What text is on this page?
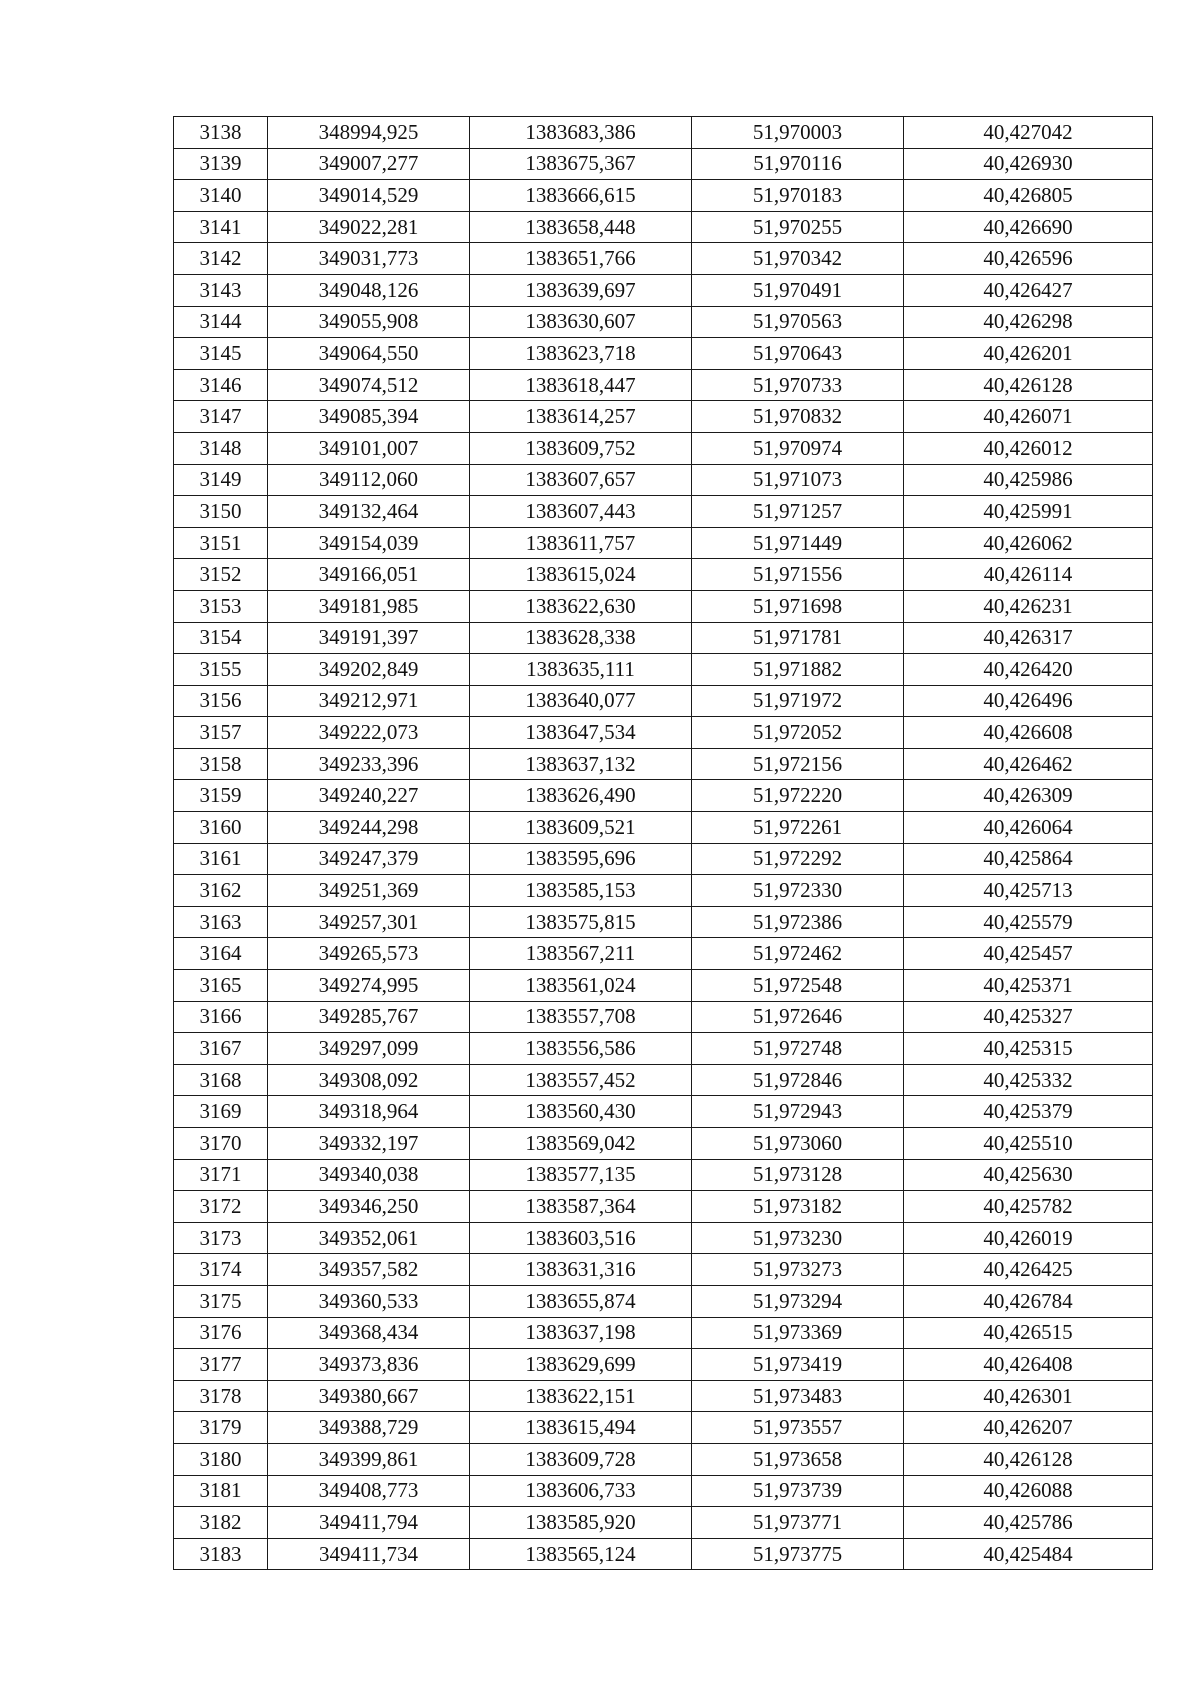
3138	348994,925	1383683,386	51,970003	40,427042
3139	349007,277	1383675,367	51,970116	40,426930
3140	349014,529	1383666,615	51,970183	40,426805
3141	349022,281	1383658,448	51,970255	40,426690
3142	349031,773	1383651,766	51,970342	40,426596
3143	349048,126	1383639,697	51,970491	40,426427
3144	349055,908	1383630,607	51,970563	40,426298
3145	349064,550	1383623,718	51,970643	40,426201
3146	349074,512	1383618,447	51,970733	40,426128
3147	349085,394	1383614,257	51,970832	40,426071
3148	349101,007	1383609,752	51,970974	40,426012
3149	349112,060	1383607,657	51,971073	40,425986
3150	349132,464	1383607,443	51,971257	40,425991
3151	349154,039	1383611,757	51,971449	40,426062
3152	349166,051	1383615,024	51,971556	40,426114
3153	349181,985	1383622,630	51,971698	40,426231
3154	349191,397	1383628,338	51,971781	40,426317
3155	349202,849	1383635,111	51,971882	40,426420
3156	349212,971	1383640,077	51,971972	40,426496
3157	349222,073	1383647,534	51,972052	40,426608
3158	349233,396	1383637,132	51,972156	40,426462
3159	349240,227	1383626,490	51,972220	40,426309
3160	349244,298	1383609,521	51,972261	40,426064
3161	349247,379	1383595,696	51,972292	40,425864
3162	349251,369	1383585,153	51,972330	40,425713
3163	349257,301	1383575,815	51,972386	40,425579
3164	349265,573	1383567,211	51,972462	40,425457
3165	349274,995	1383561,024	51,972548	40,425371
3166	349285,767	1383557,708	51,972646	40,425327
3167	349297,099	1383556,586	51,972748	40,425315
3168	349308,092	1383557,452	51,972846	40,425332
3169	349318,964	1383560,430	51,972943	40,425379
3170	349332,197	1383569,042	51,973060	40,425510
3171	349340,038	1383577,135	51,973128	40,425630
3172	349346,250	1383587,364	51,973182	40,425782
3173	349352,061	1383603,516	51,973230	40,426019
3174	349357,582	1383631,316	51,973273	40,426425
3175	349360,533	1383655,874	51,973294	40,426784
3176	349368,434	1383637,198	51,973369	40,426515
3177	349373,836	1383629,699	51,973419	40,426408
3178	349380,667	1383622,151	51,973483	40,426301
3179	349388,729	1383615,494	51,973557	40,426207
3180	349399,861	1383609,728	51,973658	40,426128
3181	349408,773	1383606,733	51,973739	40,426088
3182	349411,794	1383585,920	51,973771	40,425786
3183	349411,734	1383565,124	51,973775	40,425484
